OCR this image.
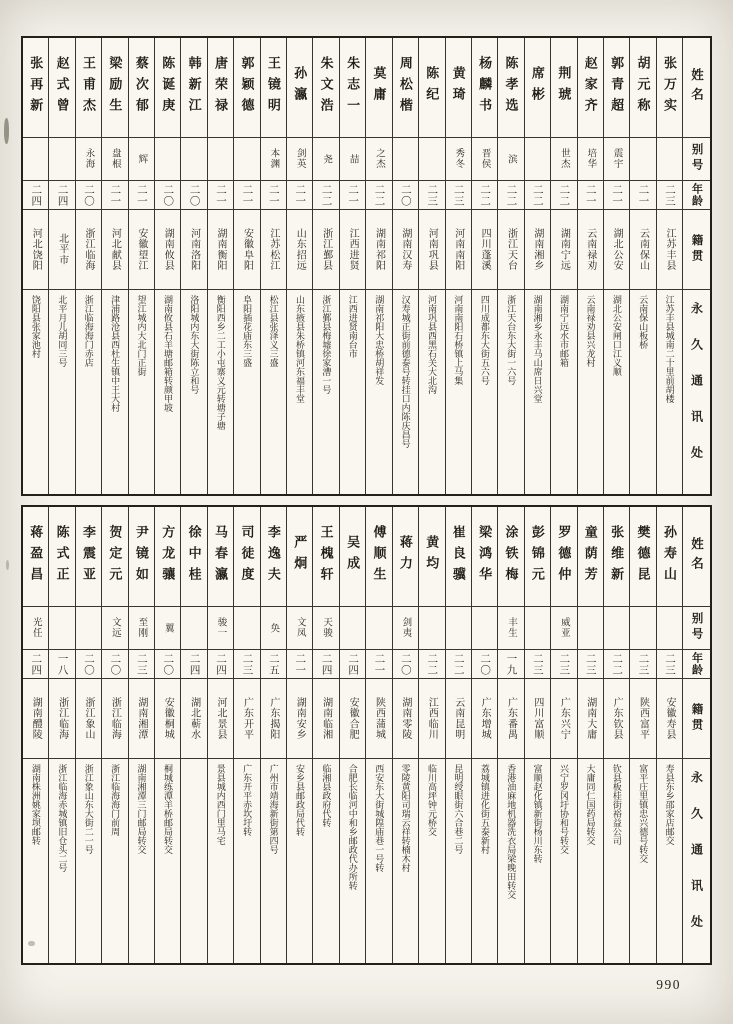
张再新
二四
河北饶阳
饶阳县张家池村
赵式曾
二四
北平市
北平月儿胡同三号
王甫杰
永海
二〇
浙江临海
浙江临海海门赤店
梁励生
盘根
二一
河北献县
津浦路沧县西杜生镇中王大村
蔡次郁
辉
二一
安徽望江
望江城内大北门正街
陈诞庚
二〇
湖南攸县
湖南攸县石羊塘邮箱转颜甲坡
韩新江
二〇
河南洛阳
洛阳城内东大街陈立和号
唐荣禄
二一
湖南衡阳
衡阳西乡二工小屯寨义元转塘子塘
郭颖德
二一
安徽阜阳
阜阳插花庙东三盛
王镜明
本渊
二一
江苏松江
松江县张泽义三盛
孙瀛
剑英
二一
山东招远
山东掖县朱桥镇河东福丰堂
朱文浩
尧
二二
浙江鄞县
浙江鄞县梅墟徐家漕一号
朱志一
喆
二一
江西进贤
江西进贤南台市
莫庸
之杰
二二
湖南祁阳
湖南祁阳大忠桥胡祥发
周松楷
二〇
湖南汉寿
汉寿城正街前德泰号转挂口内陈庆昌号
陈纪
二三
河南巩县
河南巩县西黑石关大北沟
黄琦
秀冬
二三
河南南阳
河南南阳石桥镇上马集
杨麟书
晋侯
二二
四川蓬溪
四川成都东大街五六号
陈孝选
滨
二二
浙江天台
浙江天台东大街一六号
席彬
二二
湖南湘乡
湖南湘乡永丰马山席日兴堂
荆琥
世杰
二二
湖南宁远
湖南宁远水市邮箱
赵家齐
培华
二一
云南禄劝
云南禄劝县兴龙村
郭青超
震宇
二一
湖北公安
湖北公安闸口江义顺
胡元称
二一
云南保山
云南保山板桥
张万实
二三
江苏丰县
江苏丰县城南二十里前胡楼
姓名
别号
年龄
籍贯
永久通讯处
蒋盈昌
光任
二四
湖南醴陵
湖南株洲姚家坝邮转
陈式正
一八
浙江临海
浙江临海赤城镇旧仓头二号
李震亚
二〇
浙江象山
浙江象山东大街二一号
贺定元
文远
二〇
浙江临海
浙江临海海门前周
尹镜如
至刚
二三
湖南湘潭
湖南湘潭三门邮局转交
方龙骧
翼
二〇
安徽桐城
桐城练潭羊桥邮局转交
徐中桂
二四
湖北蕲水
马春瀛
骏一
二四
河北景县
景县城内西门里马宅
司徒度
二三
广东开平
广东开平赤坎圩转
李逸夫
奂
二五
广东揭阳
广州市靖海新街第四号
严炯
文凤
二一
湖南安乡
安乡县邮政局代转
王槐轩
天骏
二四
湖南临湘
临湘县政府代转
吴成
二四
安徽合肥
合肥长临河中和乡邮政代办所转
傅顺生
二一
陕西蒲城
西安东大街城隍庙巷一号转
蒋力
剑夷
二〇
湖南零陵
零陵黄阳司瑞云祥转楠木村
黄均
二二
江西临川
临川高坪钟元桥交
崔良骥
二二
云南昆明
昆明绶眼街六合巷二号
梁鸿华
二〇
广东增城
荔城镇进化街五泰新村
涂铁梅
丰生
一九
广东番禺
香港油麻地机器洗衣局梁晚田转交
彭锦元
二三
四川富顺
富顺赵化镇新街杨川东转
罗德仲
威亚
二三
广东兴宁
兴宁罗冈圩协和号转交
童荫芳
二三
湖南大庸
大庸同仁国药局转交
张维新
二二
广东钦县
钦县板桂街裕益公司
樊德昆
二三
陕西富平
富平庄里镇忠兴德号转交
孙寿山
二三
安徽寿县
寿县东乡邵家店邮交
姓名
别号
年龄
籍贯
永久通讯处
990
